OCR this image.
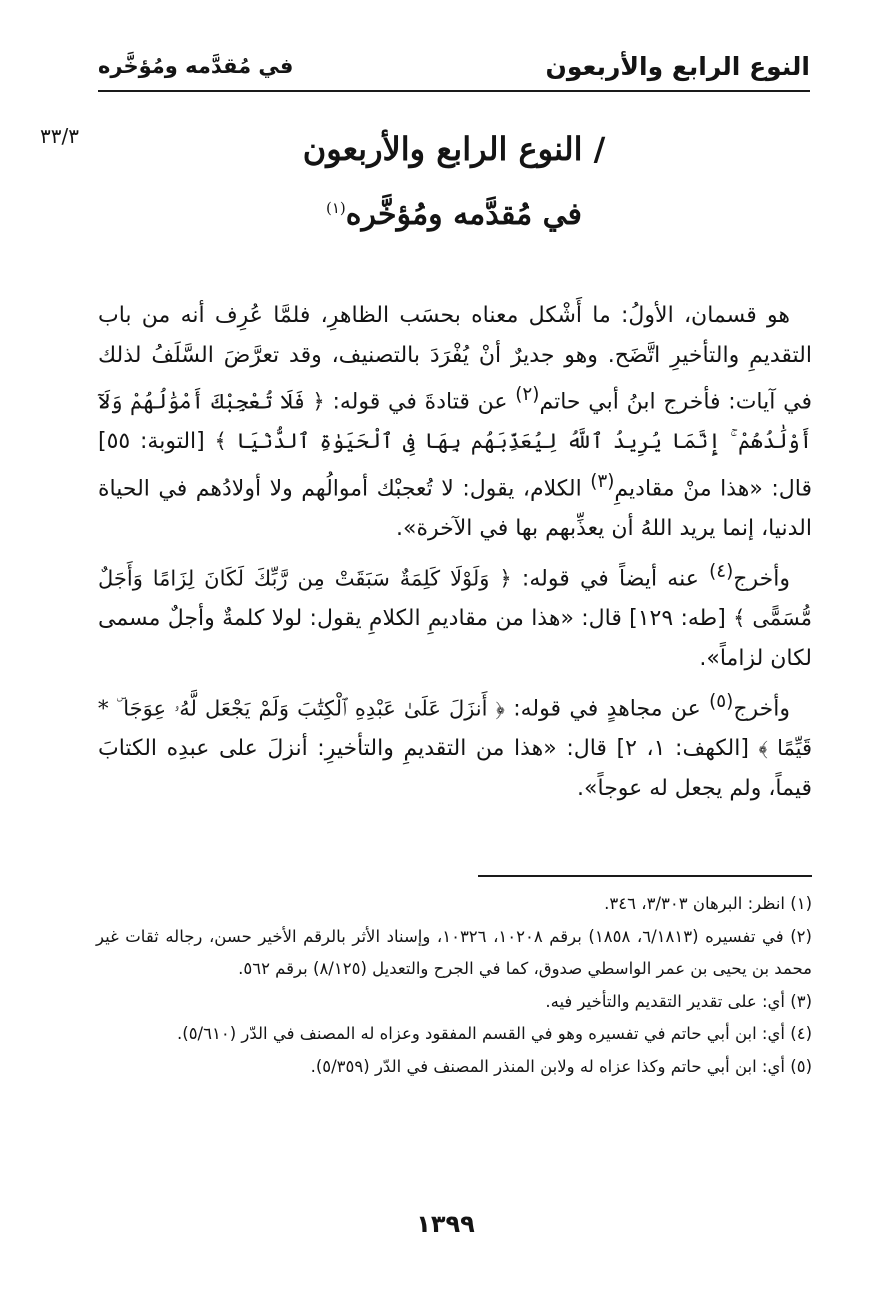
النوع الرابع والأربعون
في مُقدَّمه ومُؤخَّره
٣٣/٣	/ النوع الرابع والأربعون
في مُقدَّمه ومُؤخَّره$^{(١)}$

هو قسمان، الأولُ: ما أَشْكل معناه بحسَب الظاهرِ، فلمَّا عُرِف أنه من باب التقديمِ والتأخيرِ اتَّضَح. وهو جديرٌ أنْ يُفْرَدَ بالتصنيف، وقد تعرَّضَ السَّلَفُ لذلك في آيات: فأخرج ابنُ أبي حاتم$^{(٢)}$ عن قتادةَ في قوله: ﴿ فَلَا تُعْجِبْكَ أَمْوَٰلُهُمْ وَلَآ أَوْلَٰدُهُمْ ۚ إِنَّمَا يُرِيدُ ٱللَّهُ لِيُعَذِّبَهُم بِهَا فِى ٱلْحَيَوٰةِ ٱلدُّنْيَا ﴾ [التوبة: ٥٥] قال: «هذا منْ مقاديمِ$^{(٣)}$ الكلام، يقول: لا تُعجبْك أموالُهم ولا أولادُهم في الحياة الدنيا، إنما يريد اللهُ أن يعذِّبهم بها في الآخرة».

وأخرج$^{(٤)}$ عنه أيضاً في قوله: ﴿ وَلَوْلَا كَلِمَةٌ سَبَقَتْ مِن رَّبِّكَ لَكَانَ لِزَامًا وَأَجَلٌ مُّسَمًّى ﴾ [طه: ١٢٩] قال: «هذا من مقاديمِ الكلامِ يقول: لولا كلمةٌ وأجلٌ مسمى لكان لزاماً».

وأخرج$^{(٥)}$ عن مجاهدٍ في قوله: ﴿ أَنزَلَ عَلَىٰ عَبْدِهِ ٱلْكِتَٰبَ وَلَمْ يَجْعَل لَّهُۥ عِوَجَا ۜ * قَيِّمًا ﴾ [الكهف: ١، ٢] قال: «هذا من التقديمِ والتأخيرِ: أنزلَ على عبدِه الكتابَ قيماً، ولم يجعل له عوجاً».

(١) انظر: البرهان ٣/٣٠٣، ٣٤٦.

(٢) في تفسيره (٦/١٨١٣، ١٨٥٨) برقم ١٠٢٠٨، ١٠٣٢٦، وإسناد الأثر بالرقم الأخير حسن، رجاله ثقات غير محمد بن يحيى بن عمر الواسطي صدوق، كما في الجرح والتعديل (٨/١٢٥) برقم ٥٦٢.

(٣) أي: على تقدير التقديم والتأخير فيه.

(٤) أي: ابن أبي حاتم في تفسيره وهو في القسم المفقود وعزاه له المصنف في الدّر (٥/٦١٠).

(٥) أي: ابن أبي حاتم وكذا عزاه له ولابن المنذر المصنف في الدّر (٥/٣٥٩).

١٣٩٩
